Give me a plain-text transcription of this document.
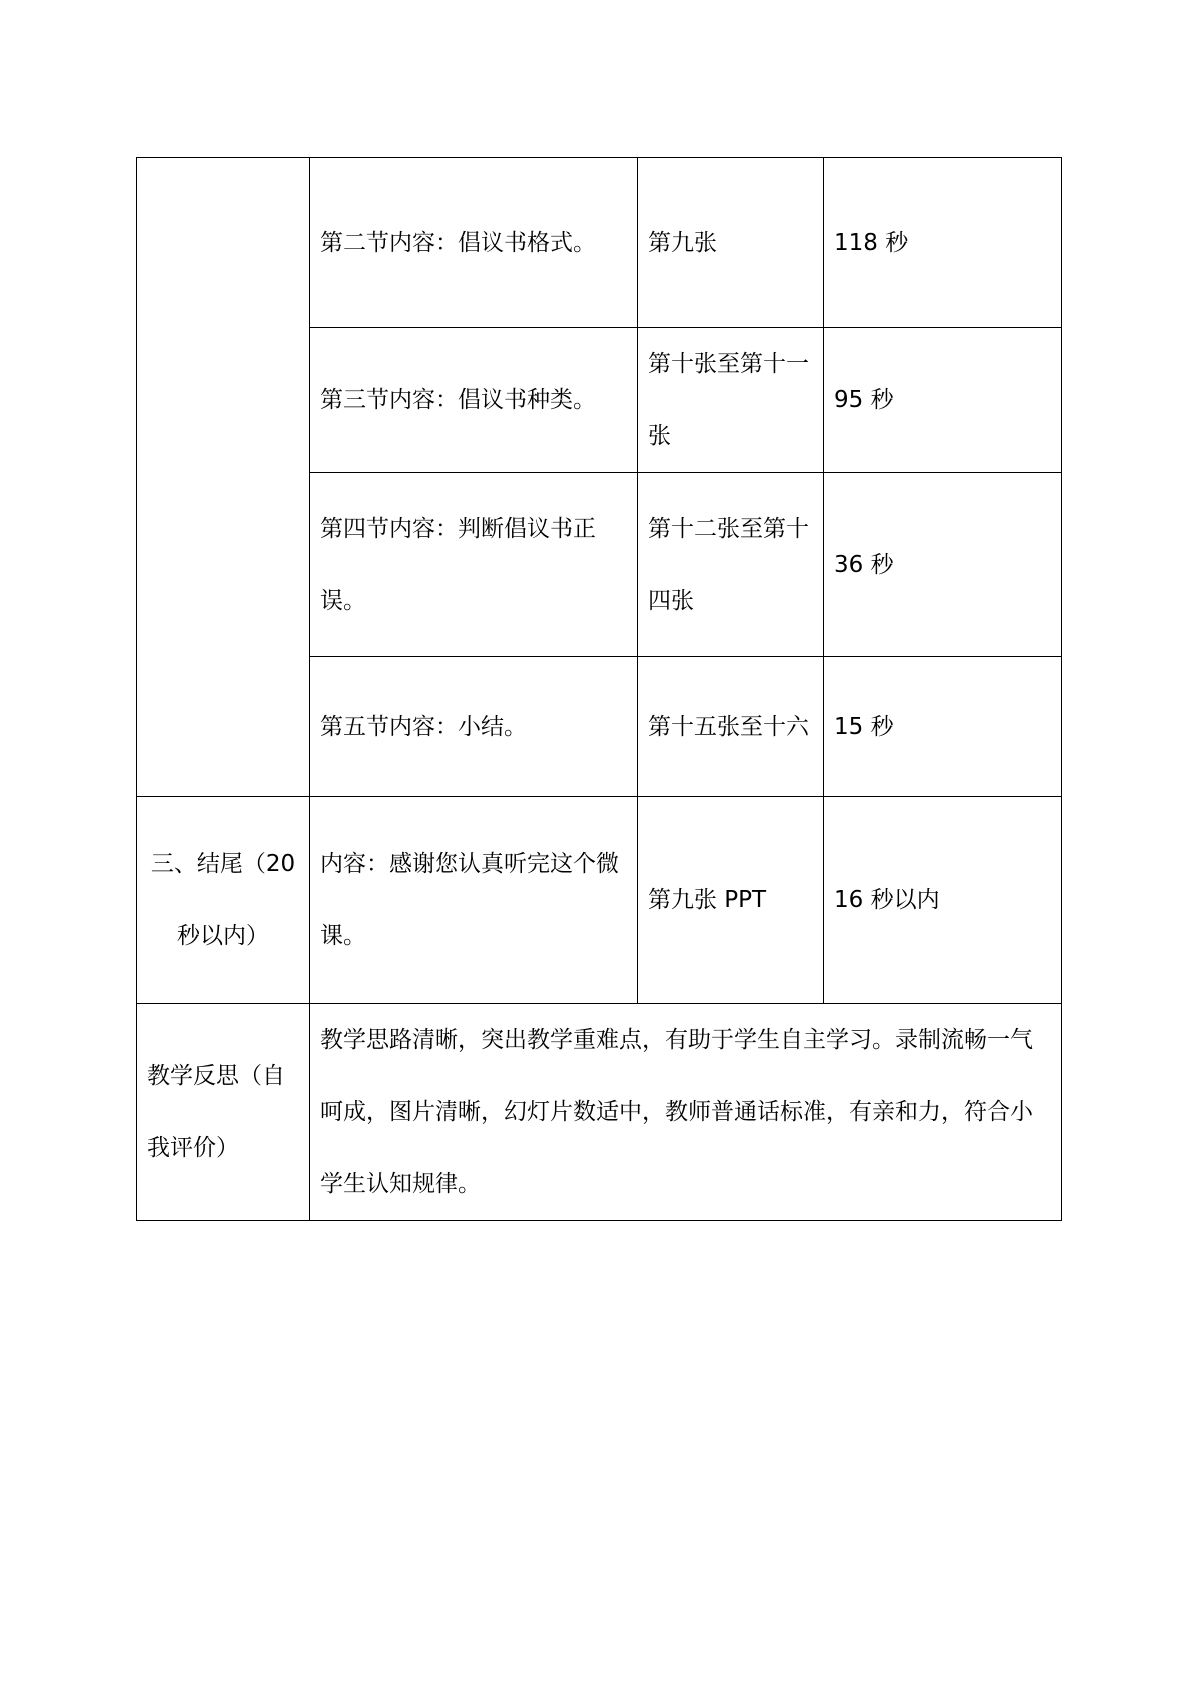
	第二节内容：倡议书格式。	第九张	118 秒
	第三节内容：倡议书种类。	第十张至第十一张	95 秒
	第四节内容：判断倡议书正误。	第十二张至第十四张	36 秒
	第五节内容：小结。	第十五张至十六	15 秒
三、结尾（20 秒以内）	内容：感谢您认真听完这个微课。	第九张 PPT	16 秒以内
教学反思（自我评价）	教学思路清晰，突出教学重难点，有助于学生自主学习。录制流畅一气呵成，图片清晰，幻灯片数适中，教师普通话标准，有亲和力，符合小学生认知规律。		
